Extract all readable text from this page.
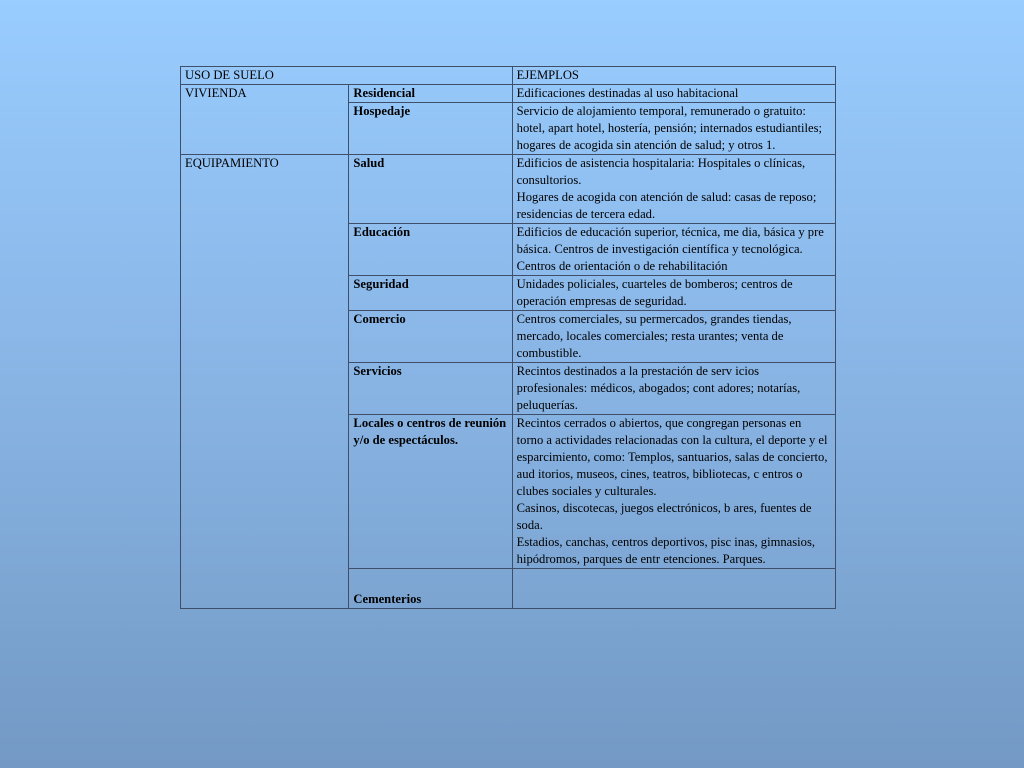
USO DE SUELO		EJEMPLOS
VIVIENDA	Residencial	Edificaciones destinadas al uso habitacional

	Hospedaje	Servicio de alojamiento temporal, remunerado o gratuito: hotel, apart hotel, hostería, pensión; internados estudiantiles; hogares de acogida sin atención de salud; y otros 1.

EQUIPAMIENTO	Salud	Edificios de asistencia hospitalaria: Hospitales o clínicas, consultorios.
Hogares de acogida con atención de salud: casas de reposo; residencias de tercera edad.

	Educación	Edificios de educación superior, técnica, me dia, básica y pre básica. Centros de investigación científica y tecnológica.
Centros de orientación o de rehabilitación

	Seguridad	Unidades policiales, cuarteles de bomberos; centros de operación empresas de seguridad.

	Comercio	Centros comerciales, su permercados, grandes tiendas, mercado, locales comerciales; resta urantes; venta de combustible.

	Servicios	Recintos destinados a la prestación de serv icios profesionales: médicos, abogados; cont adores; notarías, peluquerías.

	Locales o centros de reunión y/o de espectáculos.	Recintos cerrados o abiertos, que congregan personas en torno a actividades relacionadas con la cultura, el deporte y el esparcimiento, como: Templos, santuarios, salas de concierto, aud itorios, museos, cines, teatros, bibliotecas, c entros o clubes sociales y culturales.
Casinos, discotecas, juegos electrónicos, b ares, fuentes de soda.
Estadios, canchas, centros deportivos, pisc inas, gimnasios, hipódromos, parques de entr etenciones. Parques.

	Cementerios	
